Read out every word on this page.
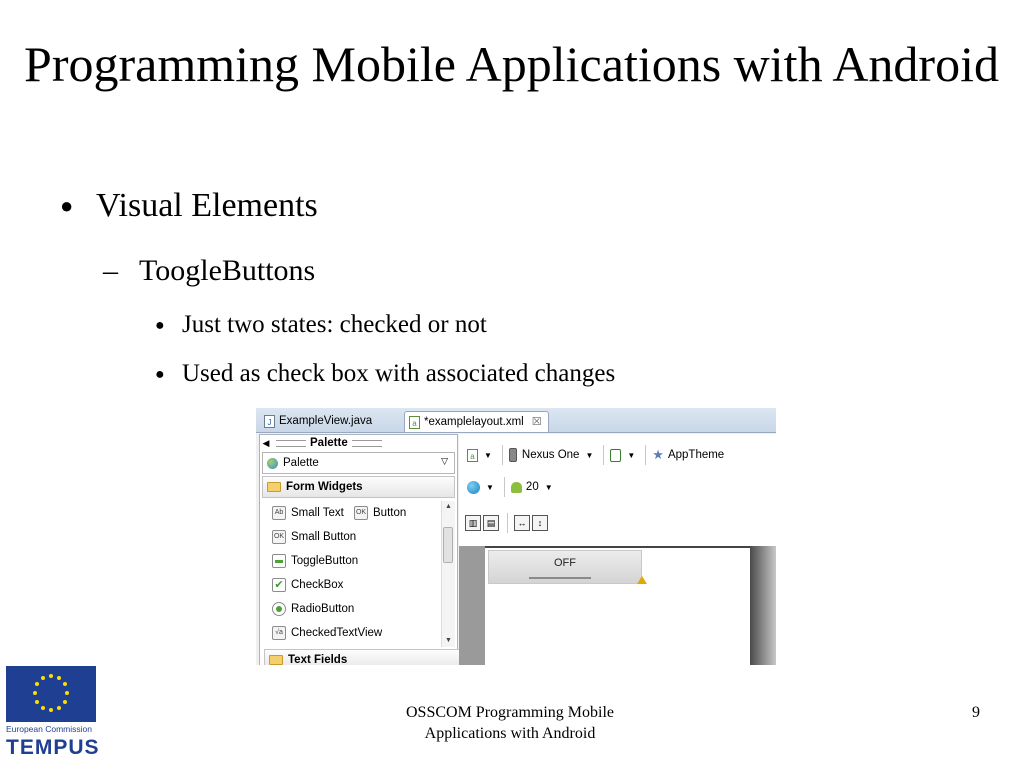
Programming Mobile Applications with Android
● Visual Elements
– ToogleButtons
● Just two states: checked or not
● Used as check box with associated changes
J ExampleView.java	a *examplelayout.xml ☒
◀	Palette
Palette	▽
Form Widgets
Ab Small Text OK Button
OK Small Button
ToggleButton
✔ CheckBox
RadioButton
√a CheckedTextView
▲
▼
Text Fields
a	▼	Nexus One ▼	▼ ★ AppTheme
▼	20 ▼
▥	▤	↔	↕
OFF
European Commission
TEMPUS
OSSCOM Programming Mobile
Applications with Android
9
